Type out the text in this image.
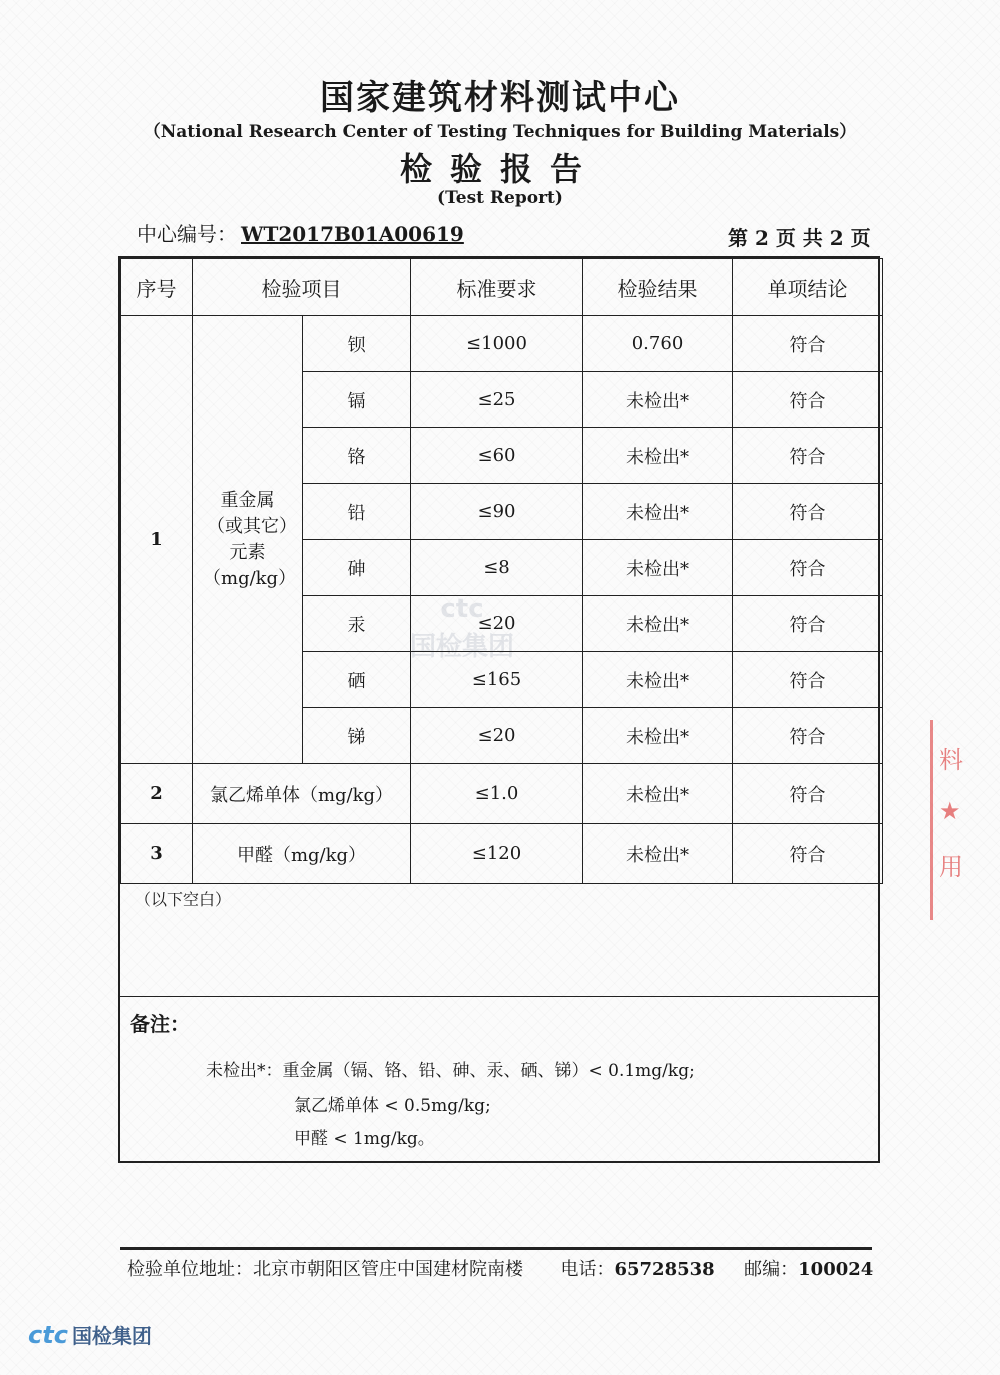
国家建筑材料测试中心
（National Research Center of Testing Techniques for Building Materials）
检验报告
(Test Report)
中心编号： WT2017B01A00619	第 2 页 共 2 页
ctc
国检集团
序号	检验项目		标准要求	检验结果	单项结论
1	重金属（或其它）元素（mg/kg）	钡	≤1000	0.760	符合
		镉	≤25	未检出*	符合
		铬	≤60	未检出*	符合
		铅	≤90	未检出*	符合
		砷	≤8	未检出*	符合
		汞	≤20	未检出*	符合
		硒	≤165	未检出*	符合
		锑	≤20	未检出*	符合
2	氯乙烯单体（mg/kg）		≤1.0	未检出*	符合
3	甲醛（mg/kg）		≤120	未检出*	符合
（以下空白）
备注：
未检出*：重金属（镉、铬、铅、砷、汞、硒、锑）< 0.1mg/kg;
氯乙烯单体 < 0.5mg/kg;
甲醛 < 1mg/kg。
料
★
用
检验单位地址：北京市朝阳区管庄中国建材院南楼 电话：65728538 邮编：100024
ctc 国检集团
